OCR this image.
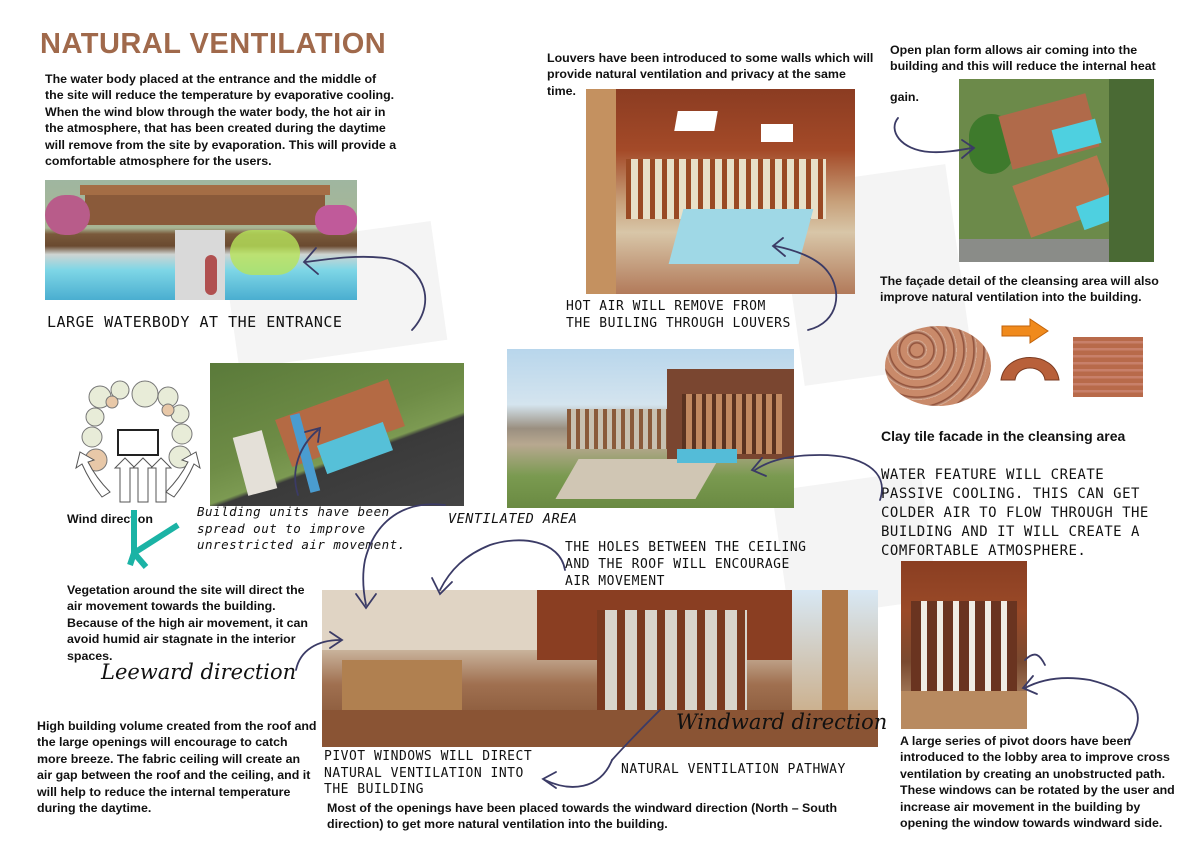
NATURAL VENTILATION
The water body placed at the entrance and the middle of the site will reduce the temperature by evaporative cooling. When the wind blow through the water body, the hot air in the atmosphere, that has been created during the daytime will remove from the site by evaporation. This will provide a comfortable atmosphere for the users.
Louvers have been introduced to some walls which will provide natural ventilation and privacy at the same time.
Open plan form allows air coming into the building and this will reduce the internal heat
gain.
The façade detail of the cleansing area will also improve natural ventilation into the building.
Clay tile facade in the cleansing area
Wind direction	Building units have been
spread out to improve
unrestricted air movement.
VENTILATED AREA
WATER FEATURE WILL CREATE
PASSIVE COOLING. THIS CAN GET
COLDER AIR TO FLOW THROUGH THE
BUILDING AND IT WILL CREATE A
COMFORTABLE ATMOSPHERE.
THE HOLES BETWEEN THE CEILING
AND THE ROOF WILL ENCOURAGE
AIR MOVEMENT
Vegetation around the site will direct the air movement towards the building. Because of the high air movement, it can avoid humid air stagnate in the interior spaces.
Leeward direction
Windward direction
High building volume created from the roof and the large openings will encourage to catch more breeze. The fabric ceiling will create an air gap between the roof and the ceiling, and it will help to reduce the internal temperature during the daytime.
PIVOT WINDOWS WILL DIRECT
NATURAL VENTILATION INTO
THE BUILDING
NATURAL VENTILATION PATHWAY
Most of the openings have been placed towards the windward direction (North – South direction) to get more natural ventilation into the building.
A large series of pivot doors have been introduced to the lobby area to improve cross ventilation by creating an unobstructed path. These windows can be rotated by the user and increase air movement in the building by opening the window towards windward side.
LARGE WATERBODY AT THE ENTRANCE
HOT AIR WILL REMOVE FROM
THE BUILING THROUGH LOUVERS
